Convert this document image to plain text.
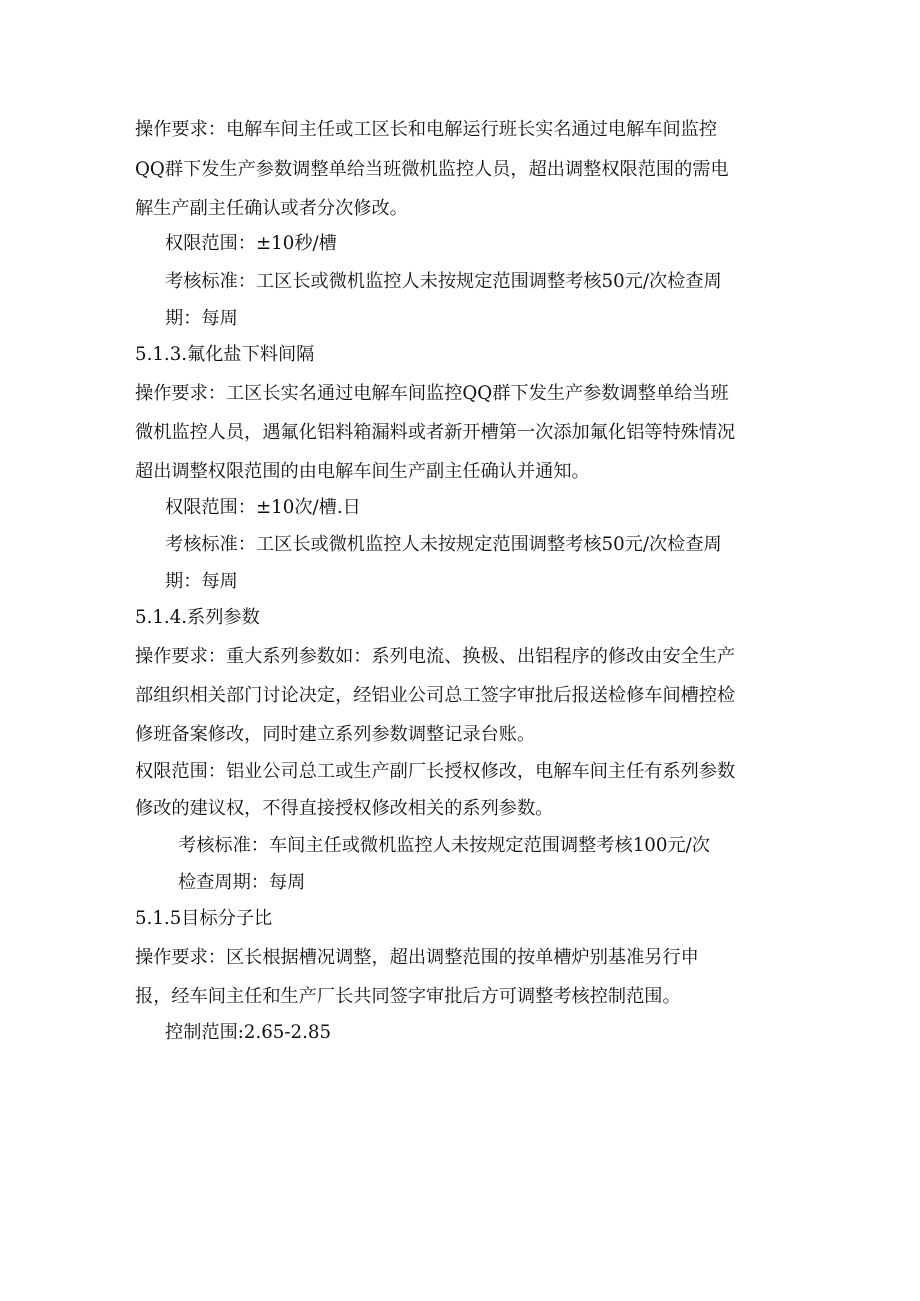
操作要求：电解车间主任或工区长和电解运行班长实名通过电解车间监控
QQ群下发生产参数调整单给当班微机监控人员，超出调整权限范围的需电
解生产副主任确认或者分次修改。
权限范围：±10秒/槽
考核标准：工区长或微机监控人未按规定范围调整考核50元/次检查周
期：每周
5.1.3.氟化盐下料间隔
操作要求：工区长实名通过电解车间监控QQ群下发生产参数调整单给当班
微机监控人员，遇氟化铝料箱漏料或者新开槽第一次添加氟化铝等特殊情况
超出调整权限范围的由电解车间生产副主任确认并通知。
权限范围：±10次/槽.日
考核标准：工区长或微机监控人未按规定范围调整考核50元/次检查周
期：每周
5.1.4.系列参数
操作要求：重大系列参数如：系列电流、换极、出铝程序的修改由安全生产
部组织相关部门讨论决定，经铝业公司总工签字审批后报送检修车间槽控检
修班备案修改，同时建立系列参数调整记录台账。
权限范围：铝业公司总工或生产副厂长授权修改，电解车间主任有系列参数
修改的建议权，不得直接授权修改相关的系列参数。
考核标准：车间主任或微机监控人未按规定范围调整考核100元/次
检查周期：每周
5.1.5目标分子比
操作要求：区长根据槽况调整，超出调整范围的按单槽炉别基准另行申
报，经车间主任和生产厂长共同签字审批后方可调整考核控制范围。
控制范围:2.65-2.85
